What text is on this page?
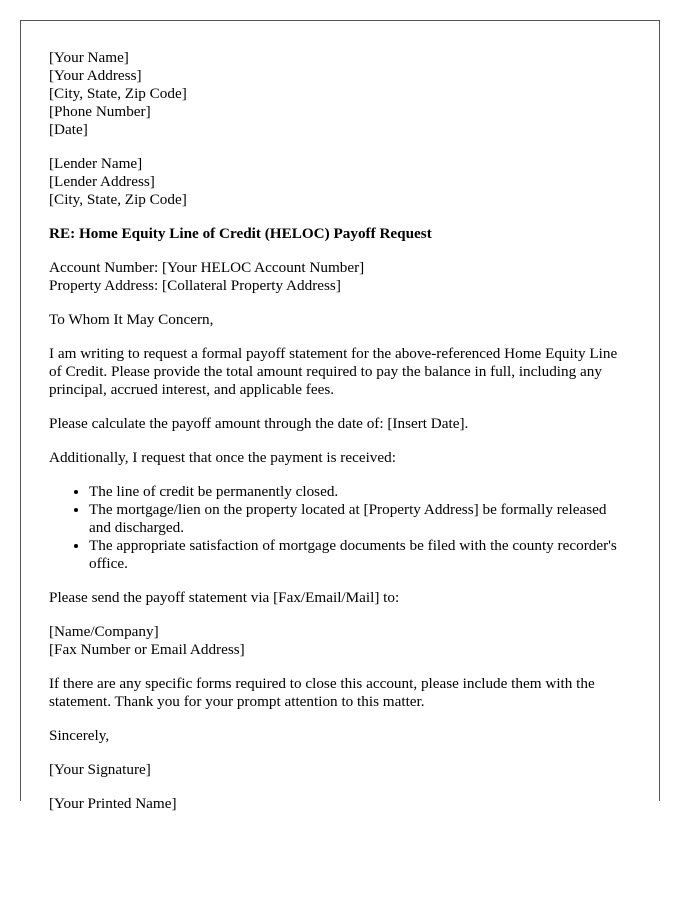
[Your Name]
[Your Address]
[City, State, Zip Code]
[Phone Number]
[Date]
[Lender Name]
[Lender Address]
[City, State, Zip Code]
RE: Home Equity Line of Credit (HELOC) Payoff Request
Account Number: [Your HELOC Account Number]
Property Address: [Collateral Property Address]

To Whom It May Concern,

I am writing to request a formal payoff statement for the above-referenced Home Equity Line of Credit. Please provide the total amount required to pay the balance in full, including any principal, accrued interest, and applicable fees.

Please calculate the payoff amount through the date of: [Insert Date].

Additionally, I request that once the payment is received:

• The line of credit be permanently closed.
• The mortgage/lien on the property located at [Property Address] be formally released and discharged.
• The appropriate satisfaction of mortgage documents be filed with the county recorder's office.

Please send the payoff statement via [Fax/Email/Mail] to:

[Name/Company]
[Fax Number or Email Address]

If there are any specific forms required to close this account, please include them with the statement. Thank you for your prompt attention to this matter.

Sincerely,

[Your Signature]

[Your Printed Name]
